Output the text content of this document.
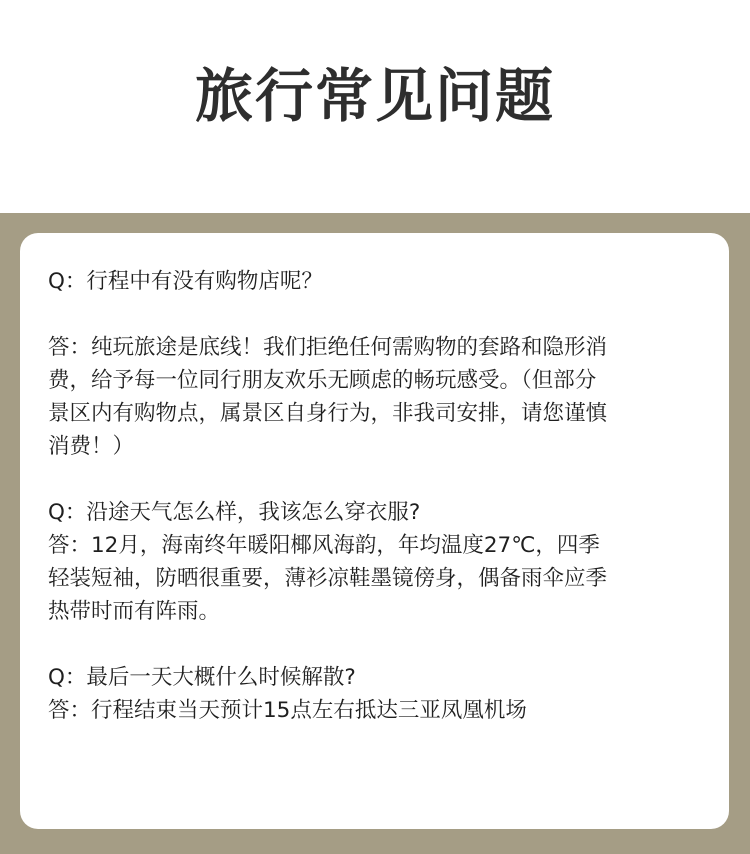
旅行常见问题
Q：行程中有没有购物店呢？
答：纯玩旅途是底线！我们拒绝任何需购物的套路和隐形消
费，给予每一位同行朋友欢乐无顾虑的畅玩感受。（但部分
景区内有购物点，属景区自身行为，非我司安排，请您谨慎
消费！）
Q：沿途天气怎么样，我该怎么穿衣服?
答：12月，海南终年暖阳椰风海韵，年均温度27℃，四季
轻装短袖，防晒很重要，薄衫凉鞋墨镜傍身，偶备雨伞应季
热带时而有阵雨。
Q：最后一天大概什么时候解散?
答：行程结束当天预计15点左右抵达三亚凤凰机场
